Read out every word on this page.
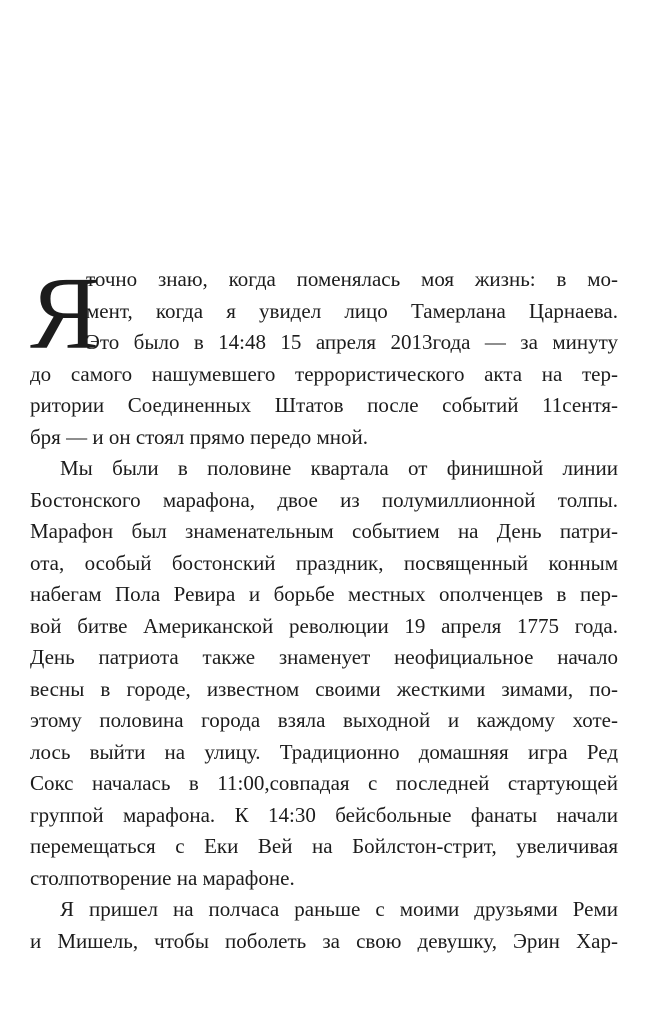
Я
точно знаю, когда поменялась моя жизнь: в мо-
мент, когда я увидел лицо Тамерлана Царнаева.
Это было в 14:48 15 апреля 2013года — за минуту
до самого нашумевшего террористического акта на тер-
ритории Соединенных Штатов после событий 11сентя-
бря — и он стоял прямо передо мной.
Мы были в половине квартала от финишной линии
Бостонского марафона, двое из полумиллионной толпы.
Марафон был знаменательным событием на День патри-
ота, особый бостонский праздник, посвященный конным
набегам Пола Ревира и борьбе местных ополченцев в пер-
вой битве Американской революции 19 апреля 1775 года.
День патриота также знаменует неофициальное начало
весны в городе, известном своими жесткими зимами, по-
этому половина города взяла выходной и каждому хоте-
лось выйти на улицу. Традиционно домашняя игра Ред
Сокс началась в 11:00,совпадая с последней стартующей
группой марафона. К 14:30 бейсбольные фанаты начали
перемещаться с Еки Вей на Бойлстон-стрит, увеличивая
столпотворение на марафоне.
Я пришел на полчаса раньше с моими друзьями Реми
и Мишель, чтобы поболеть за свою девушку, Эрин Хар-
